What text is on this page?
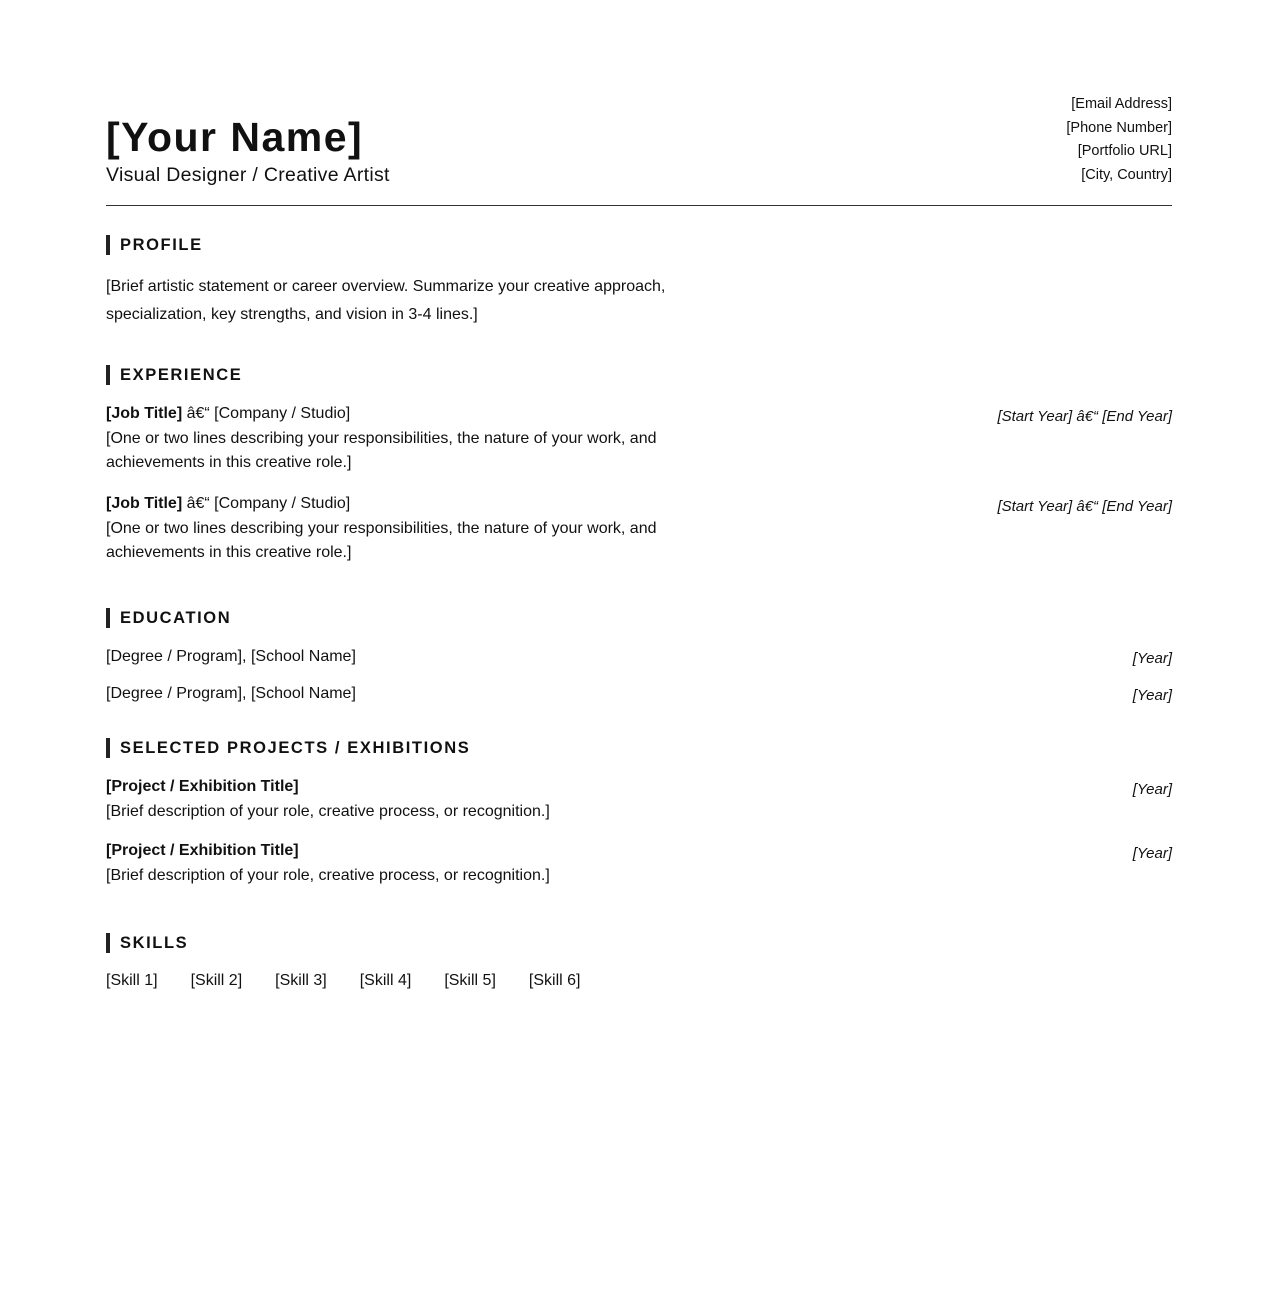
[Your Name]
Visual Designer / Creative Artist
[Email Address]
[Phone Number]
[Portfolio URL]
[City, Country]
PROFILE
[Brief artistic statement or career overview. Summarize your creative approach,
specialization, key strengths, and vision in 3-4 lines.]
EXPERIENCE
[Job Title] â€“ [Company / Studio]	[Start Year] â€“ [End Year]
[One or two lines describing your responsibilities, the nature of your work, and
achievements in this creative role.]
[Job Title] â€“ [Company / Studio]	[Start Year] â€“ [End Year]
[One or two lines describing your responsibilities, the nature of your work, and
achievements in this creative role.]
EDUCATION
[Degree / Program], [School Name]	[Year]
[Degree / Program], [School Name]	[Year]
SELECTED PROJECTS / EXHIBITIONS
[Project / Exhibition Title]	[Year]
[Brief description of your role, creative process, or recognition.]
[Project / Exhibition Title]	[Year]
[Brief description of your role, creative process, or recognition.]
SKILLS
[Skill 1] [Skill 2] [Skill 3] [Skill 4] [Skill 5] [Skill 6]
